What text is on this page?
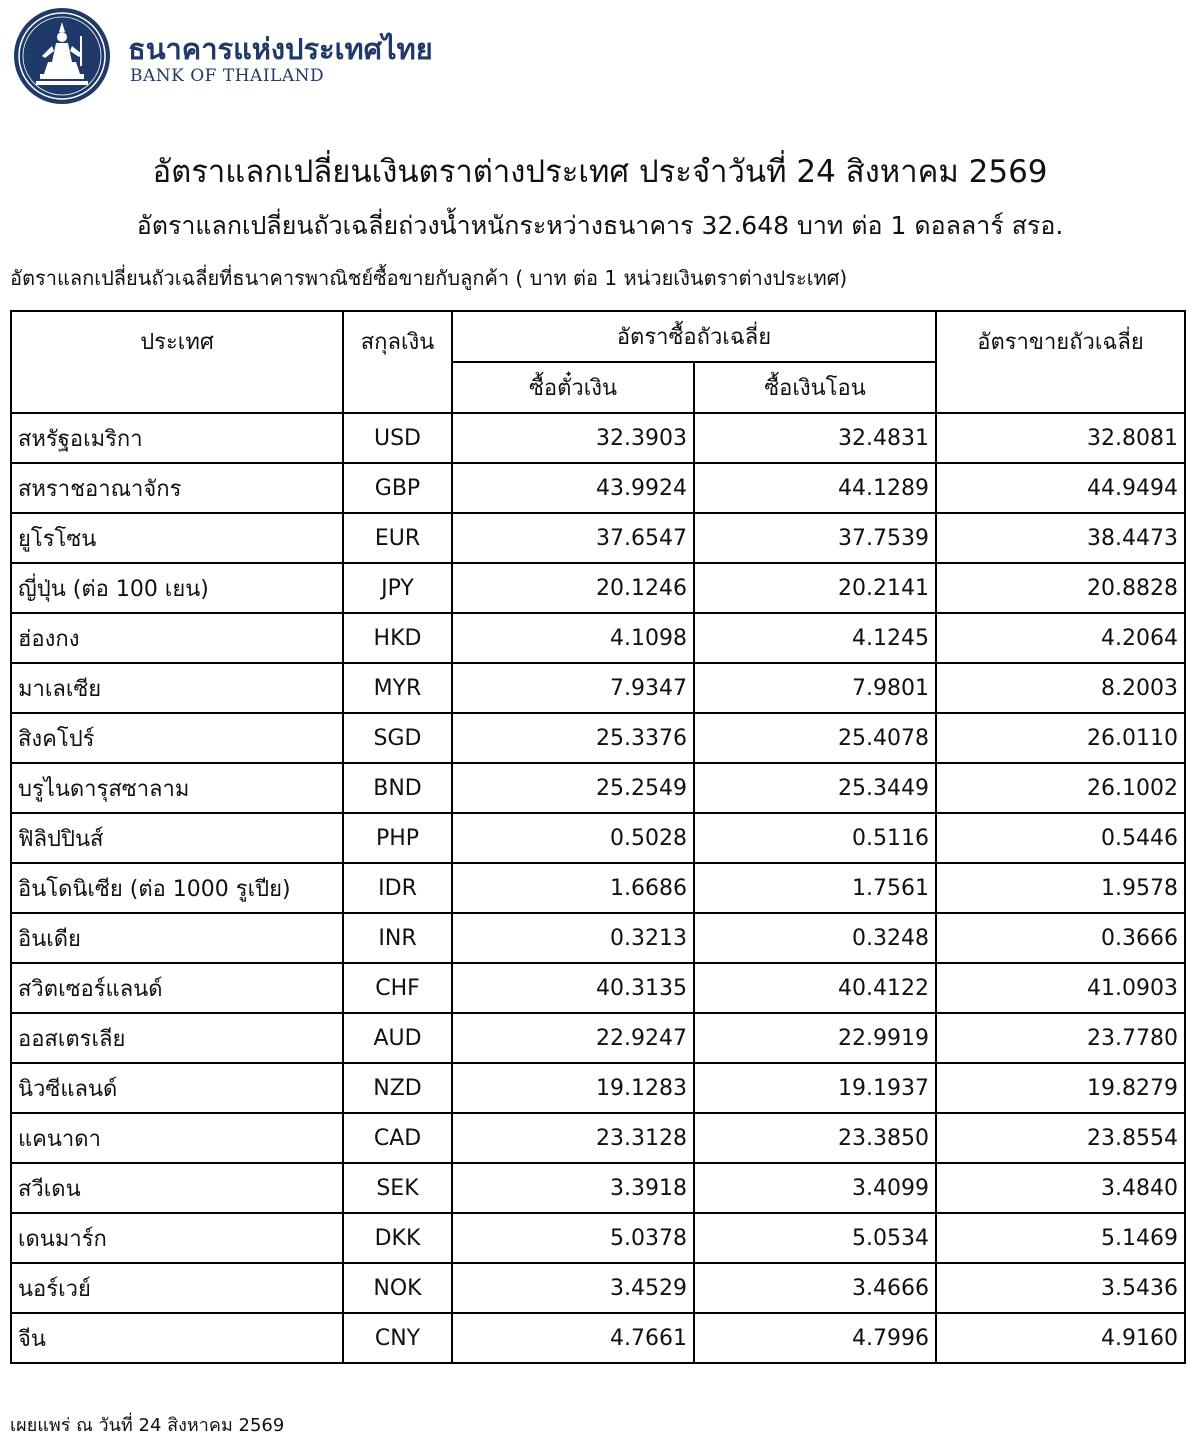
ธนาคารแห่งประเทศไทย
BANK OF THAILAND
อัตราแลกเปลี่ยนเงินตราต่างประเทศ ประจำวันที่ 24 สิงหาคม 2569
อัตราแลกเปลี่ยนถัวเฉลี่ยถ่วงน้ำหนักระหว่างธนาคาร 32.648 บาท ต่อ 1 ดอลลาร์ สรอ.
อัตราแลกเปลี่ยนถัวเฉลี่ยที่ธนาคารพาณิชย์ซื้อขายกับลูกค้า ( บาท ต่อ 1 หน่วยเงินตราต่างประเทศ)
ประเทศ	สกุลเงิน	อัตราซื้อถัวเฉลี่ย		อัตราขายถัวเฉลี่ย
		ซื้อตั๋วเงิน	ซื้อเงินโอน	
สหรัฐอเมริกา	USD	32.3903	32.4831	32.8081
สหราชอาณาจักร	GBP	43.9924	44.1289	44.9494
ยูโรโซน	EUR	37.6547	37.7539	38.4473
ญี่ปุ่น (ต่อ 100 เยน)	JPY	20.1246	20.2141	20.8828
ฮ่องกง	HKD	4.1098	4.1245	4.2064
มาเลเซีย	MYR	7.9347	7.9801	8.2003
สิงคโปร์	SGD	25.3376	25.4078	26.0110
บรูไนดารุสซาลาม	BND	25.2549	25.3449	26.1002
ฟิลิปปินส์	PHP	0.5028	0.5116	0.5446
อินโดนิเซีย (ต่อ 1000 รูเปีย)	IDR	1.6686	1.7561	1.9578
อินเดีย	INR	0.3213	0.3248	0.3666
สวิตเซอร์แลนด์	CHF	40.3135	40.4122	41.0903
ออสเตรเลีย	AUD	22.9247	22.9919	23.7780
นิวซีแลนด์	NZD	19.1283	19.1937	19.8279
แคนาดา	CAD	23.3128	23.3850	23.8554
สวีเดน	SEK	3.3918	3.4099	3.4840
เดนมาร์ก	DKK	5.0378	5.0534	5.1469
นอร์เวย์	NOK	3.4529	3.4666	3.5436
จีน	CNY	4.7661	4.7996	4.9160
เผยแพร่ ณ วันที่ 24 สิงหาคม 2569
